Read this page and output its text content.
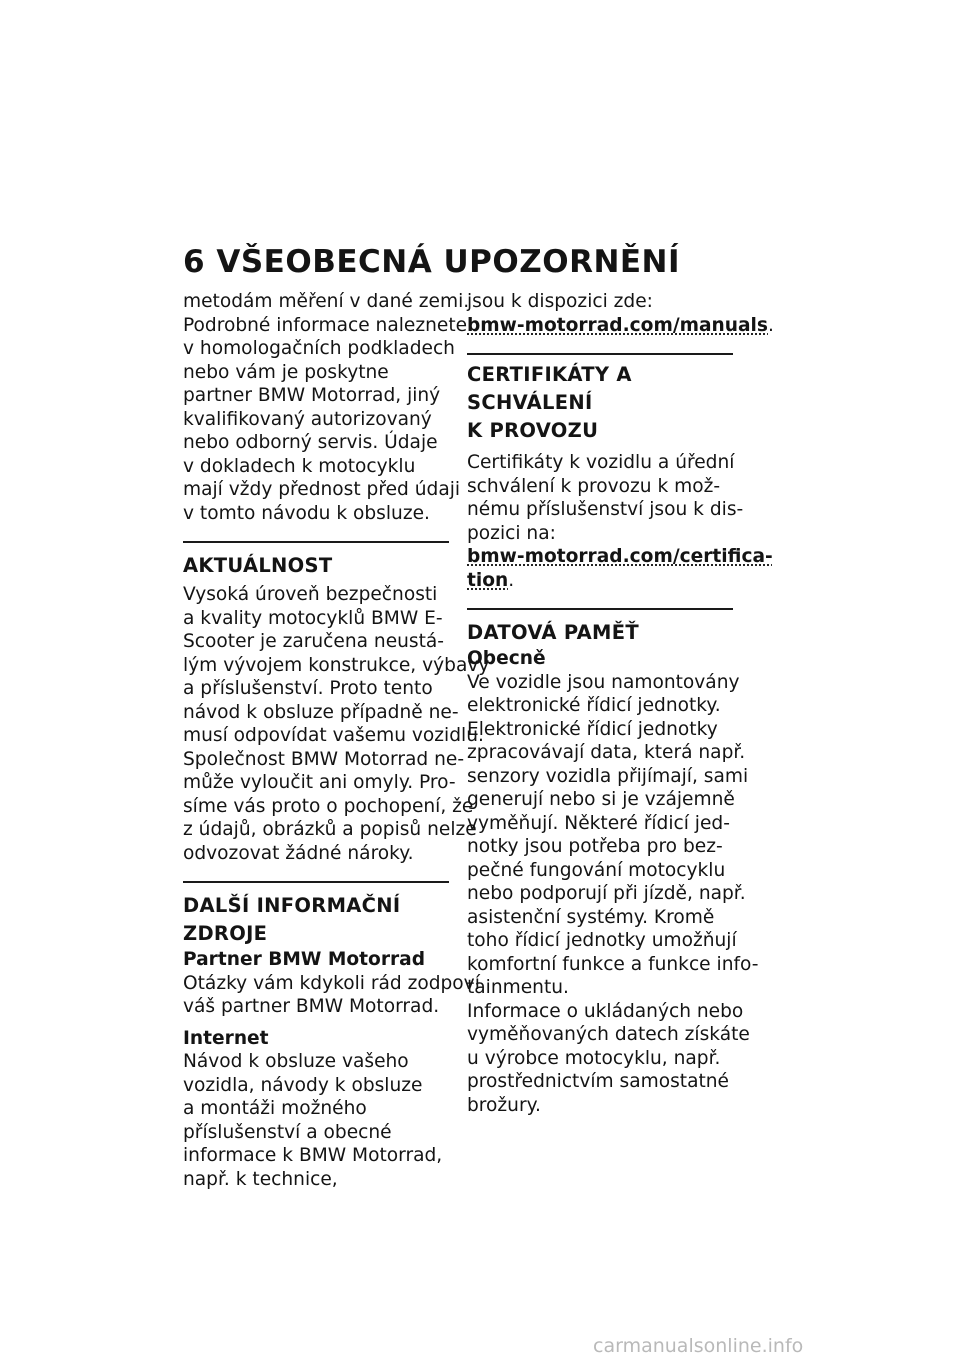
6 VŠEOBECNÁ UPOZORNĚNÍ
metodám měření v dané zemi.
Podrobné informace naleznete
v homologačních podkladech
nebo vám je poskytne
partner BMW Motorrad, jiný
kvalifikovaný autorizovaný
nebo odborný servis. Údaje
v dokladech k motocyklu
mají vždy přednost před údaji
v tomto návodu k obsluze.
AKTUÁLNOST
Vysoká úroveň bezpečnosti
a kvality motocyklů BMW E-
Scooter je zaručena neustá-
lým vývojem konstrukce, výbavy
a příslušenství. Proto tento
návod k obsluze případně ne-
musí odpovídat vašemu vozidlu.
Společnost BMW Motorrad ne-
může vyloučit ani omyly. Pro-
síme vás proto o pochopení, že
z údajů, obrázků a popisů nelze
odvozovat žádné nároky.
DALŠÍ INFORMAČNÍ ZDROJE
Partner BMW Motorrad
Otázky vám kdykoli rád zodpoví
váš partner BMW Motorrad.
Internet
Návod k obsluze vašeho
vozidla, návody k obsluze
a montáži možného
příslušenství a obecné
informace k BMW Motorrad,
např. k technice,
jsou k dispozici zde:
bmw-motorrad.com/manuals.
CERTIFIKÁTY A SCHVÁLENÍ
K PROVOZU
Certifikáty k vozidlu a úřední
schválení k provozu k mož-
nému příslušenství jsou k dis-
pozici na:
bmw-motorrad.com/certifica-
tion.
DATOVÁ PAMĚŤ
Obecně
Ve vozidle jsou namontovány
elektronické řídicí jednotky.
Elektronické řídicí jednotky
zpracovávají data, která např.
senzory vozidla přijímají, sami
generují nebo si je vzájemně
vyměňují. Některé řídicí jed-
notky jsou potřeba pro bez-
pečné fungování motocyklu
nebo podporují při jízdě, např.
asistenční systémy. Kromě
toho řídicí jednotky umožňují
komfortní funkce a funkce info-
tainmentu.
Informace o ukládaných nebo
vyměňovaných datech získáte
u výrobce motocyklu, např.
prostřednictvím samostatné
brožury.
carmanualsonline.info
